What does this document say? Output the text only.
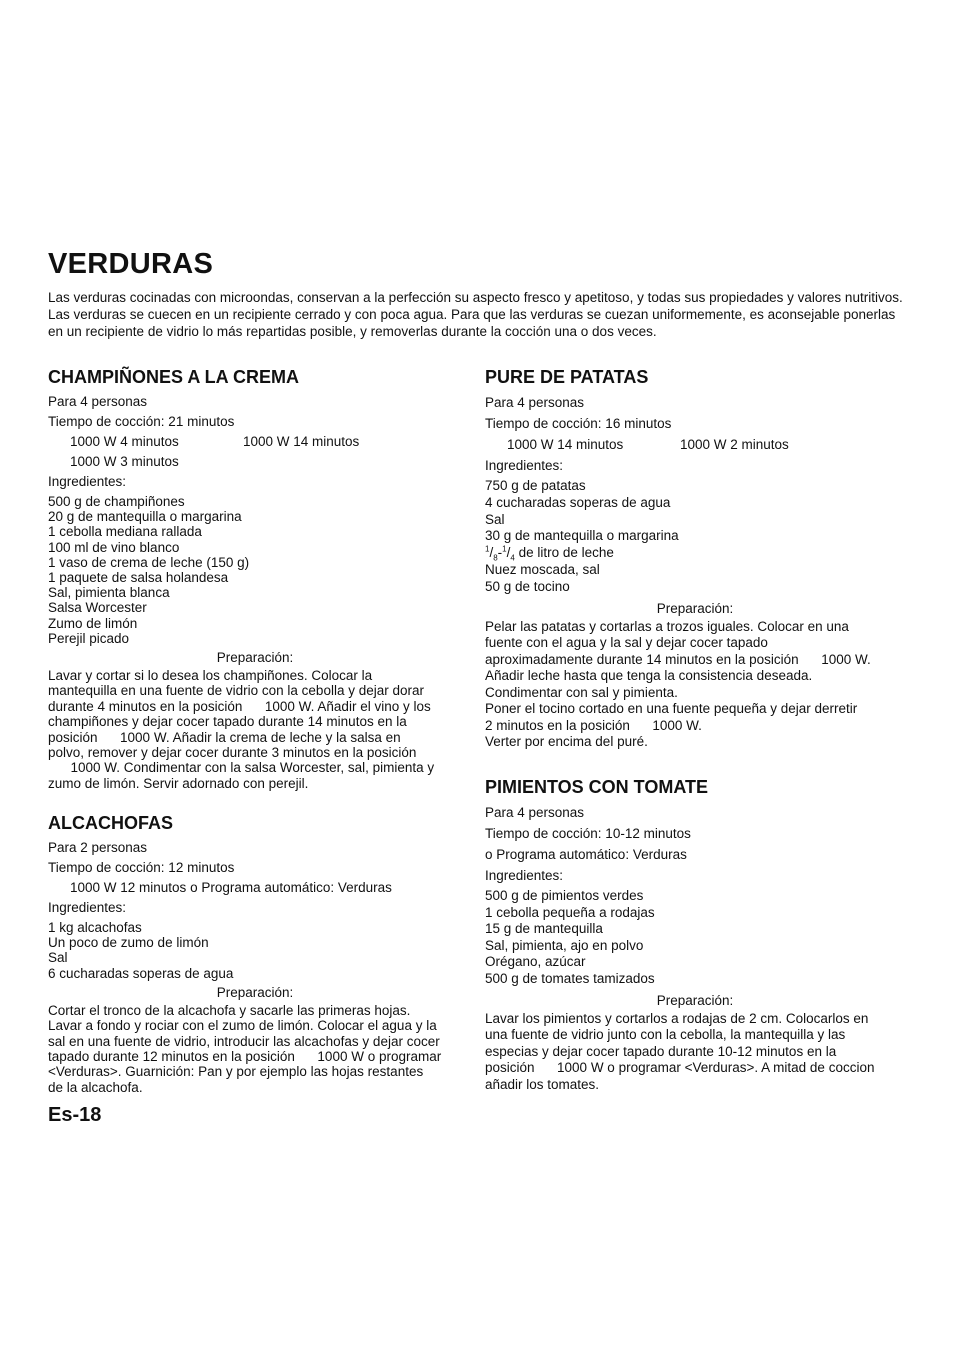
VERDURAS

Las verduras cocinadas con microondas, conservan a la perfección su aspecto fresco y apetitoso, y todas sus propiedades y valores nutritivos.

Las verduras se cuecen en un recipiente cerrado y con poca agua. Para que las verduras se cuezan uniformemente, es aconsejable ponerlas en un recipiente de vidrio lo más repartidas posible, y removerlas durante la cocción una o dos veces.

CHAMPIÑONES A LA CREMA
Para 4 personas
Tiempo de cocción: 21 minutos
1000 W 4 minutos	1000 W 14 minutos
1000 W 3 minutos
Ingredientes:
500 g de champiñones
20 g de mantequilla o margarina
1 cebolla mediana rallada
100 ml de vino blanco
1 vaso de crema de leche (150 g)
1 paquete de salsa holandesa
Sal, pimienta blanca
Salsa Worcester
Zumo de limón
Perejil picado
Preparación:
Lavar y cortar si lo desea los champiñones. Colocar la
mantequilla en una fuente de vidrio con la cebolla y dejar dorar
durante 4 minutos en la posición      1000 W. Añadir el vino y los
champiñones y dejar cocer tapado durante 14 minutos en la
posición      1000 W. Añadir la crema de leche y la salsa en
polvo, remover y dejar cocer durante 3 minutos en la posición
1000 W. Condimentar con la salsa Worcester, sal, pimienta y
zumo de limón. Servir adornado con perejil.
ALCACHOFAS
Para 2 personas
Tiempo de cocción: 12 minutos
1000 W 12 minutos o Programa automático: Verduras
Ingredientes:
1 kg alcachofas
Un poco de zumo de limón
Sal
6 cucharadas soperas de agua
Preparación:
Cortar el tronco de la alcachofa y sacarle las primeras hojas.
Lavar a fondo y rociar con el zumo de limón. Colocar el agua y la
sal en una fuente de vidrio, introducir las alcachofas y dejar cocer
tapado durante 12 minutos en la posición      1000 W o programar
<Verduras>. Guarnición: Pan y por ejemplo las hojas restantes
de la alcachofa.
PURE DE PATATAS
Para 4 personas
Tiempo de cocción: 16 minutos
1000 W 14 minutos	1000 W 2 minutos
Ingredientes:
750 g de patatas
4 cucharadas soperas de agua
Sal
30 g de mantequilla o margarina
$^1/_8-^1/_4$ de litro de leche
Nuez moscada, sal
50 g de tocino
Preparación:
Pelar las patatas y cortarlas a trozos iguales. Colocar en una
fuente con el agua y la sal y dejar cocer tapado
aproximadamente durante 14 minutos en la posición      1000 W.
Añadir leche hasta que tenga la consistencia deseada.
Condimentar con sal y pimienta.
Poner el tocino cortado en una fuente pequeña y dejar derretir
2 minutos en la posición      1000 W.
Verter por encima del puré.
PIMIENTOS CON TOMATE
Para 4 personas
Tiempo de cocción: 10-12 minutos
o Programa automático: Verduras
Ingredientes:
500 g de pimientos verdes
1 cebolla pequeña a rodajas
15 g de mantequilla
Sal, pimienta, ajo en polvo
Orégano, azúcar
500 g de tomates tamizados
Preparación:
Lavar los pimientos y cortarlos a rodajas de 2 cm. Colocarlos en
una fuente de vidrio junto con la cebolla, la mantequilla y las
especias y dejar cocer tapado durante 10-12 minutos en la
posición      1000 W o programar <Verduras>. A mitad de coccion
añadir los tomates.
Es-18
